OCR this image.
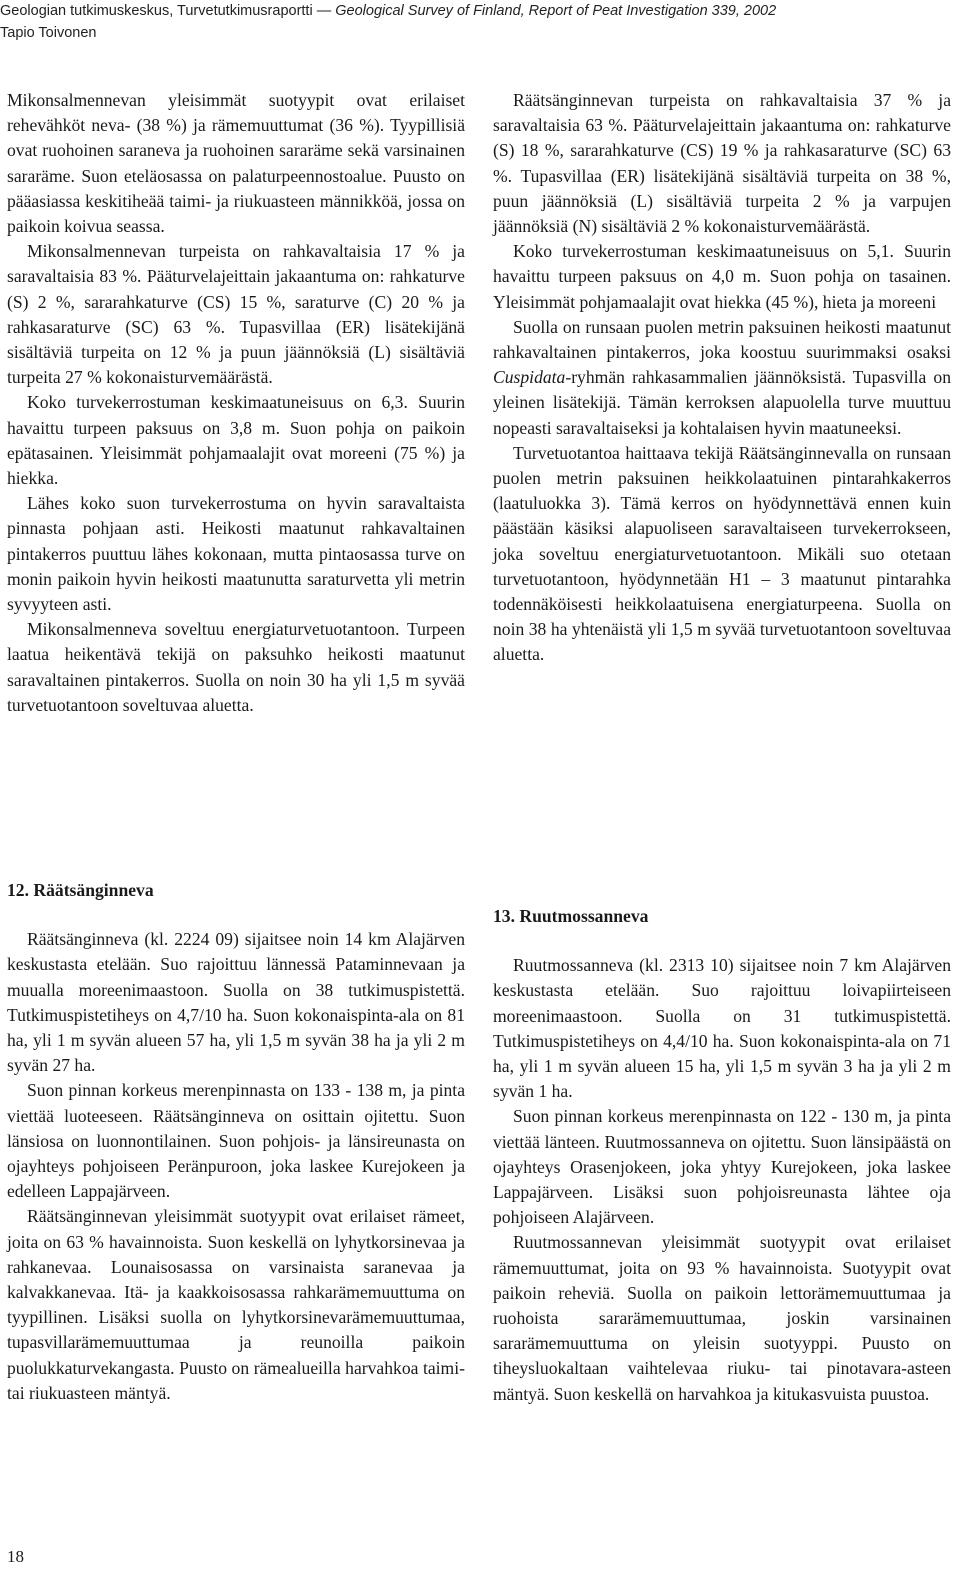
Geologian tutkimuskeskus, Turvetutkimusraportti — Geological Survey of Finland, Report of Peat Investigation 339, 2002
Tapio Toivonen

Mikonsalmennevan yleisimmät suotyypit ovat erilaiset rehevähköt neva- (38 %) ja rämemuuttumat (36 %). Tyypillisiä ovat ruohoinen saraneva ja ruohoinen sararäme sekä varsinainen sararäme. Suon eteläosassa on palaturpeennostoalue. Puusto on pääasiassa keskitiheää taimi- ja riukuasteen männikköä, jossa on paikoin koivua seassa.

Mikonsalmennevan turpeista on rahkavaltaisia 17 % ja saravaltaisia 83 %. Pääturvelajeittain jakaantuma on: rahkaturve (S) 2 %, sararahkaturve (CS) 15 %, saraturve (C) 20 % ja rahkasaraturve (SC) 63 %. Tupasvillaa (ER) lisätekijänä sisältäviä turpeita on 12 % ja puun jäännöksiä (L) sisältäviä turpeita 27 % kokonaisturvemäärästä.

Koko turvekerrostuman keskimaatuneisuus on 6,3. Suurin havaittu turpeen paksuus on 3,8 m. Suon pohja on paikoin epätasainen. Yleisimmät pohjamaalajit ovat moreeni (75 %) ja hiekka.

Lähes koko suon turvekerrostuma on hyvin saravaltaista pinnasta pohjaan asti. Heikosti maatunut rahkavaltainen pintakerros puuttuu lähes kokonaan, mutta pintaosassa turve on monin paikoin hyvin heikosti maatunutta saraturvetta yli metrin syvyyteen asti.

Mikonsalmenneva soveltuu energiaturvetuotantoon. Turpeen laatua heikentävä tekijä on paksuhko heikosti maatunut saravaltainen pintakerros. Suolla on noin 30 ha yli 1,5 m syvää turvetuotantoon soveltuvaa aluetta.

12. Räätsänginneva

Räätsänginneva (kl. 2224 09) sijaitsee noin 14 km Alajärven keskustasta etelään. Suo rajoittuu lännessä Pataminnevaan ja muualla moreenimaastoon. Suolla on 38 tutkimuspistettä. Tutkimuspistetiheys on 4,7/10 ha. Suon kokonaispinta-ala on 81 ha, yli 1 m syvän alueen 57 ha, yli 1,5 m syvän 38 ha ja yli 2 m syvän 27 ha.

Suon pinnan korkeus merenpinnasta on 133 - 138 m, ja pinta viettää luoteeseen. Räätsänginneva on osittain ojitettu. Suon länsiosa on luonnontilainen. Suon pohjois- ja länsireunasta on ojayhteys pohjoiseen Peränpuroon, joka laskee Kurejokeen ja edelleen Lappajärveen.

Räätsänginnevan yleisimmät suotyypit ovat erilaiset rämeet, joita on 63 % havainnoista. Suon keskellä on lyhytkorsinevaa ja rahkanevaa. Lounaisosassa on varsinaista saranevaa ja kalvakkanevaa. Itä- ja kaakkoisosassa rahkarämemuuttuma on tyypillinen. Lisäksi suolla on lyhytkorsinevarämemuuttumaa, tupasvillarämemuuttumaa ja reunoilla paikoin puolukkaturvekangasta. Puusto on rämealueilla harvahkoa taimi- tai riukuasteen mäntyä.

Räätsänginnevan turpeista on rahkavaltaisia 37 % ja saravaltaisia 63 %. Pääturvelajeittain jakaantuma on: rahkaturve (S) 18 %, sararahkaturve (CS) 19 % ja rahkasaraturve (SC) 63 %. Tupasvillaa (ER) lisätekijänä sisältäviä turpeita on 38 %, puun jäännöksiä (L) sisältäviä turpeita 2 % ja varpujen jäännöksiä (N) sisältäviä 2 % kokonaisturvemäärästä.

Koko turvekerrostuman keskimaatuneisuus on 5,1. Suurin havaittu turpeen paksuus on 4,0 m. Suon pohja on tasainen. Yleisimmät pohjamaalajit ovat hiekka (45 %), hieta ja moreeni

Suolla on runsaan puolen metrin paksuinen heikosti maatunut rahkavaltainen pintakerros, joka koostuu suurimmaksi osaksi Cuspidata-ryhmän rahkasammalien jäännöksistä. Tupasvilla on yleinen lisätekijä. Tämän kerroksen alapuolella turve muuttuu nopeasti saravaltaiseksi ja kohtalaisen hyvin maatuneeksi.

Turvetuotantoa haittaava tekijä Räätsänginnevalla on runsaan puolen metrin paksuinen heikkolaatuinen pintarahkakerros (laatuluokka 3). Tämä kerros on hyödynnettävä ennen kuin päästään käsiksi alapuoliseen saravaltaiseen turvekerrokseen, joka soveltuu energiaturvetuotantoon. Mikäli suo otetaan turvetuotantoon, hyödynnetään H1 – 3 maatunut pintarahka todennäköisesti heikkolaatuisena energiaturpeena. Suolla on noin 38 ha yhtenäistä yli 1,5 m syvää turvetuotantoon soveltuvaa aluetta.

13. Ruutmossanneva

Ruutmossanneva (kl. 2313 10) sijaitsee noin 7 km Alajärven keskustasta etelään. Suo rajoittuu loivapiirteiseen moreenimaastoon. Suolla on 31 tutkimuspistettä. Tutkimuspistetiheys on 4,4/10 ha. Suon kokonaispinta-ala on 71 ha, yli 1 m syvän alueen 15 ha, yli 1,5 m syvän 3 ha ja yli 2 m syvän 1 ha.

Suon pinnan korkeus merenpinnasta on 122 - 130 m, ja pinta viettää länteen. Ruutmossanneva on ojitettu. Suon länsipäästä on ojayhteys Orasenjokeen, joka yhtyy Kurejokeen, joka laskee Lappajärveen. Lisäksi suon pohjoisreunasta lähtee oja pohjoiseen Alajärveen.

Ruutmossannevan yleisimmät suotyypit ovat erilaiset rämemuuttumat, joita on 93 % havainnoista. Suotyypit ovat paikoin reheviä. Suolla on paikoin lettorämemuuttumaa ja ruohoista sararämemuuttumaa, joskin varsinainen sararämemuuttuma on yleisin suotyyppi. Puusto on tiheysluokaltaan vaihtelevaa riuku- tai pinotavara-asteen mäntyä. Suon keskellä on harvahkoa ja kitukasvuista puustoa.

18
